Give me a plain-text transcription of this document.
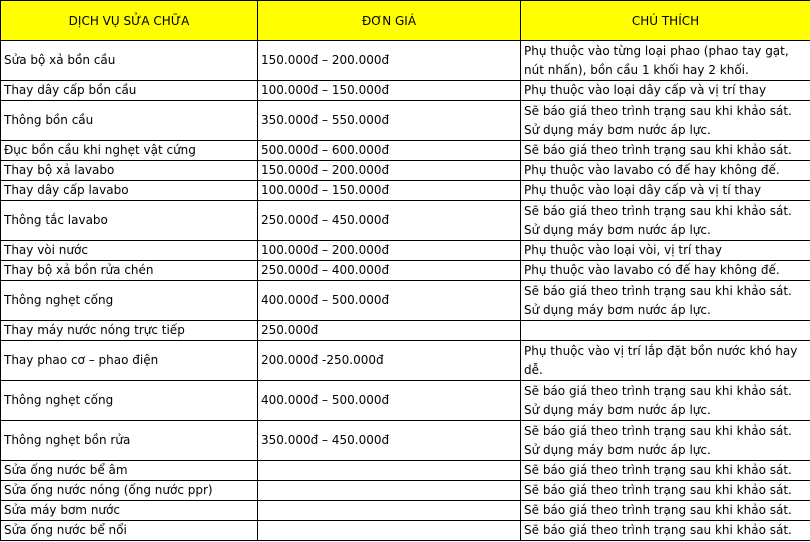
DỊCH VỤ SỬA CHỮA	ĐƠN GIÁ	CHÚ THÍCH
Sửa bộ xả bồn cầu	150.000đ – 200.000đ	Phụ thuộc vào từng loại phao (phao tay gạt,
nút nhấn), bồn cầu 1 khối hay 2 khối.

Thay dây cấp bồn cầu	100.000đ – 150.000đ	Phụ thuộc vào loại dây cấp và vị trí thay

Thông bồn cầu	350.000đ – 550.000đ	Sẽ báo giá theo trình trạng sau khi khảo sát.
Sử dụng máy bơm nước áp lực.

Đục bồn cầu khi nghẹt vật cứng	500.000đ – 600.000đ	Sẽ báo giá theo trình trạng sau khi khảo sát.

Thay bộ xả lavabo	150.000đ – 200.000đ	Phụ thuộc vào lavabo có đế hay không đế.

Thay dây cấp lavabo	100.000đ – 150.000đ	Phụ thuộc vào loại dây cấp và vị tí thay

Thông tắc lavabo	250.000đ – 450.000đ	Sẽ báo giá theo trình trạng sau khi khảo sát.
Sử dụng máy bơm nước áp lực.

Thay vòi nước	100.000đ – 200.000đ	Phụ thuộc vào loại vòi, vị trí thay

Thay bộ xả bồn rửa chén	250.000đ – 400.000đ	Phụ thuộc vào lavabo có đế hay không đế.

Thông nghẹt cống	400.000đ – 500.000đ	Sẽ báo giá theo trình trạng sau khi khảo sát.
Sử dụng máy bơm nước áp lực.

Thay máy nước nóng trực tiếp	250.000đ	
Thay phao cơ – phao điện	200.000đ -250.000đ	Phụ thuộc vào vị trí lắp đặt bồn nước khó hay
dễ.

Thông nghẹt cống	400.000đ – 500.000đ	Sẽ báo giá theo trình trạng sau khi khảo sát.
Sử dụng máy bơm nước áp lực.

Thông nghẹt bồn rửa	350.000đ – 450.000đ	Sẽ báo giá theo trình trạng sau khi khảo sát.
Sử dụng máy bơm nước áp lực.

Sửa ống nước bể âm		Sẽ báo giá theo trình trạng sau khi khảo sát.

Sửa ống nước nóng (ống nước ppr)		Sẽ báo giá theo trình trạng sau khi khảo sát.

Sửa máy bơm nước		Sẽ báo giá theo trình trạng sau khi khảo sát.

Sửa ống nước bể nổi		Sẽ báo giá theo trình trạng sau khi khảo sát.
